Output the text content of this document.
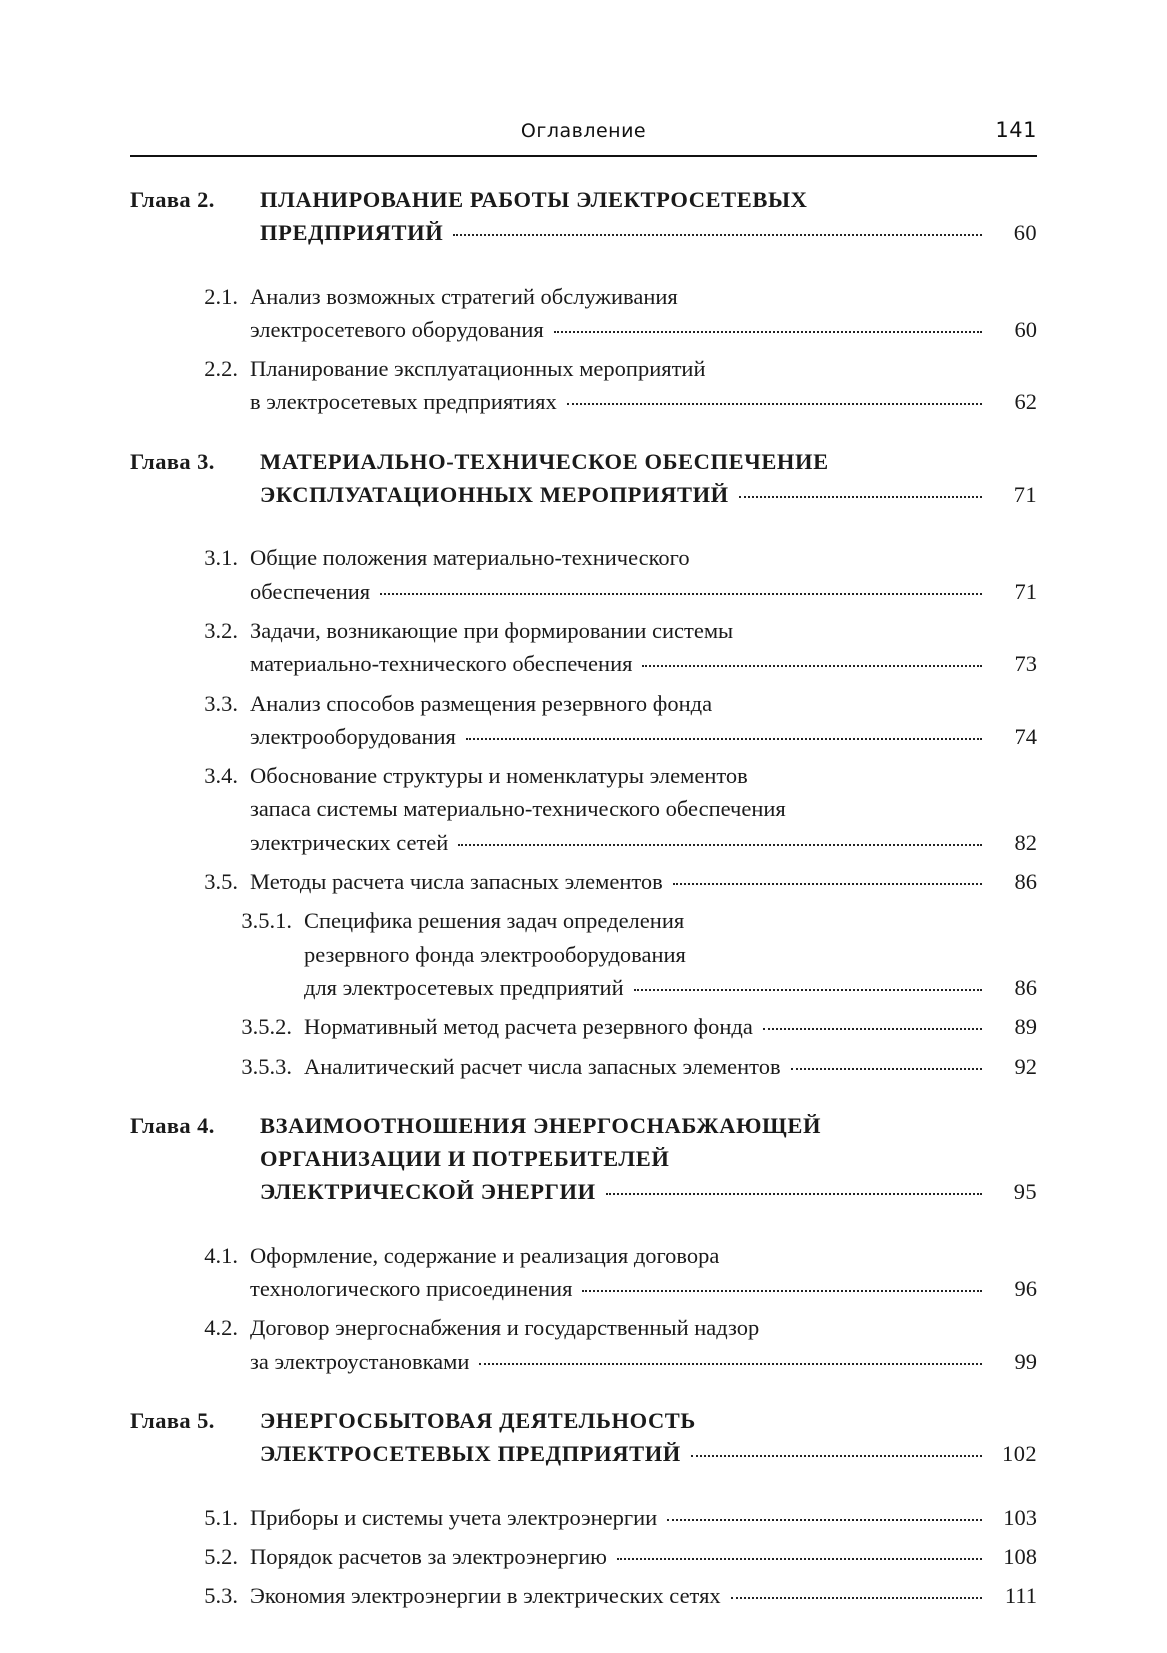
Оглавление	141
Глава 2.	ПЛАНИРОВАНИЕ РАБОТЫ ЭЛЕКТРОСЕТЕВЫХ
ПРЕДПРИЯТИЙ	60
2.1. Анализ возможных стратегий обслуживания
электросетевого оборудования	60
2.2. Планирование эксплуатационных мероприятий
в электросетевых предприятиях	62
Глава 3.	МАТЕРИАЛЬНО-ТЕХНИЧЕСКОЕ ОБЕСПЕЧЕНИЕ
ЭКСПЛУАТАЦИОННЫХ МЕРОПРИЯТИЙ	71
3.1. Общие положения материально-технического
обеспечения	71
3.2. Задачи, возникающие при формировании системы
материально-технического обеспечения	73
3.3. Анализ способов размещения резервного фонда
электрооборудования	74
3.4. Обоснование структуры и номенклатуры элементов
запаса системы материально-технического обеспечения
электрических сетей	82
3.5. Методы расчета числа запасных элементов	86
3.5.1. Специфика решения задач определения
резервного фонда электрооборудования
для электросетевых предприятий	86
3.5.2. Нормативный метод расчета резервного фонда	89
3.5.3. Аналитический расчет числа запасных элементов	92
Глава 4.	ВЗАИМООТНОШЕНИЯ ЭНЕРГОСНАБЖАЮЩЕЙ
ОРГАНИЗАЦИИ И ПОТРЕБИТЕЛЕЙ
ЭЛЕКТРИЧЕСКОЙ ЭНЕРГИИ	95
4.1. Оформление, содержание и реализация договора
технологического присоединения	96
4.2. Договор энергоснабжения и государственный надзор
за электроустановками	99
Глава 5.	ЭНЕРГОСБЫТОВАЯ ДЕЯТЕЛЬНОСТЬ
ЭЛЕКТРОСЕТЕВЫХ ПРЕДПРИЯТИЙ	102
5.1. Приборы и системы учета электроэнергии	103
5.2. Порядок расчетов за электроэнергию	108
5.3. Экономия электроэнергии в электрических сетях	111
